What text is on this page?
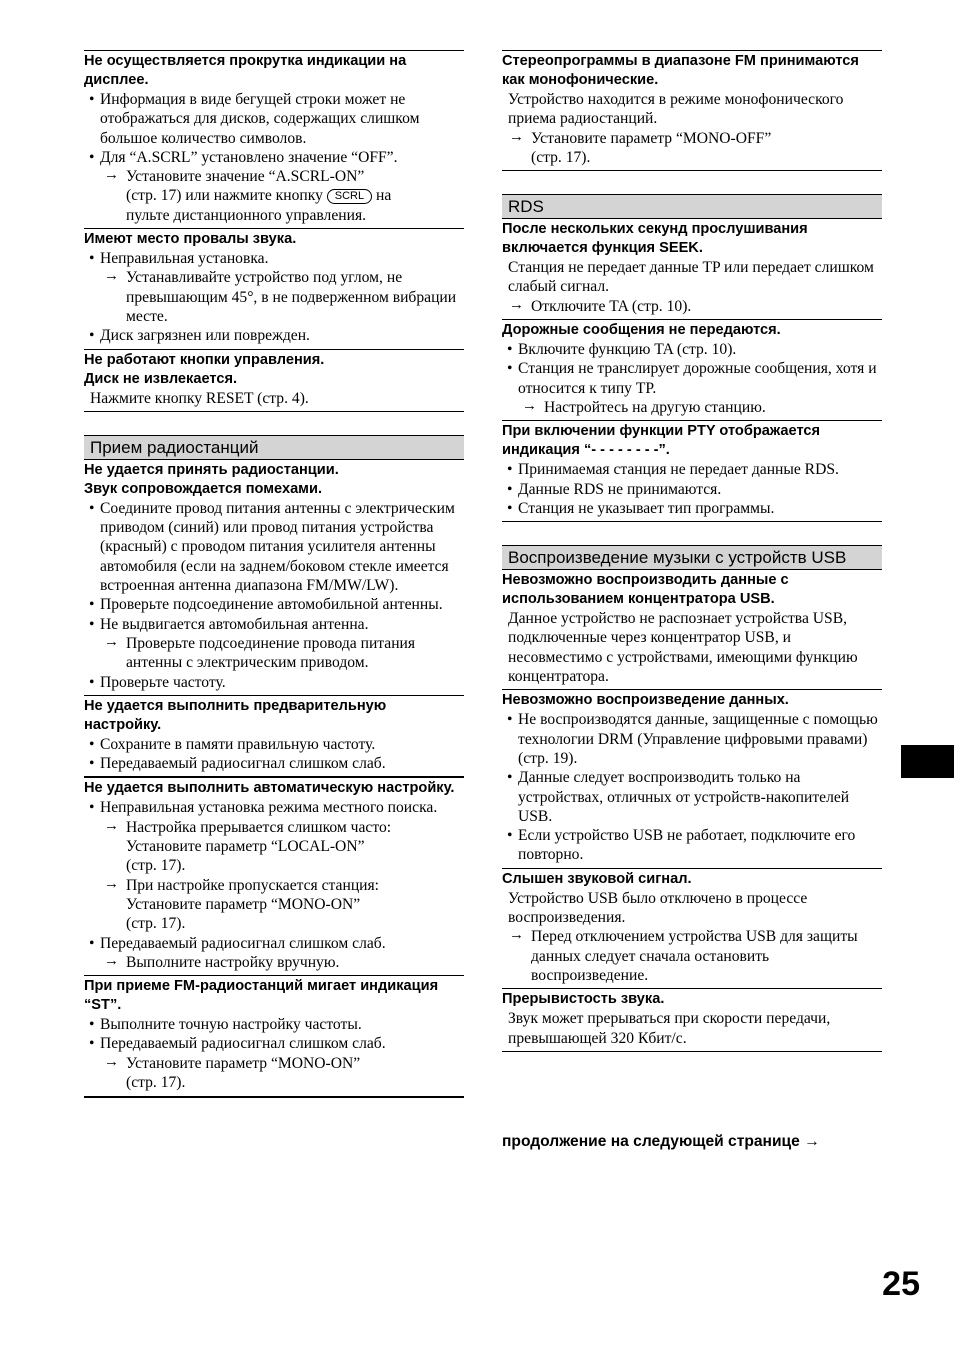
Не осуществляется прокрутка индикации на дисплее.
• Информация в виде бегущей строки может не отображаться для дисков, содержащих слишком большое количество символов.
• Для “A.SCRL” установлено значение “OFF”.
→ Установите значение “A.SCRL-ON”
(стр. 17) или нажмите кнопку SCRL на
пульте дистанционного управления.
Имеют место провалы звука.
• Неправильная установка.
→ Устанавливайте устройство под углом, не превышающим 45°, в не подверженном вибрации месте.
• Диск загрязнен или поврежден.
Не работают кнопки управления.
Диск не извлекается.
Нажмите кнопку RESET (стр. 4).
Прием радиостанций
Не удается принять радиостанции.
Звук сопровождается помехами.
• Соедините провод питания антенны с электрическим приводом (синий) или провод питания устройства (красный) с проводом питания усилителя антенны автомобиля (если на заднем/боковом стекле имеется встроенная антенна диапазона FM/MW/LW).
• Проверьте подсоединение автомобильной антенны.
• Не выдвигается автомобильная антенна.
→ Проверьте подсоединение провода питания антенны с электрическим приводом.
• Проверьте частоту.
Не удается выполнить предварительную настройку.
• Сохраните в памяти правильную частоту.
• Передаваемый радиосигнал слишком слаб.
Не удается выполнить автоматическую настройку.
• Неправильная установка режима местного поиска.
→ Настройка прерывается слишком часто:
Установите параметр “LOCAL-ON”
(стр. 17).
→ При настройке пропускается станция:
Установите параметр “MONO-ON”
(стр. 17).
• Передаваемый радиосигнал слишком слаб.
→ Выполните настройку вручную.
При приеме FM-радиостанций мигает индикация “ST”.
• Выполните точную настройку частоты.
• Передаваемый радиосигнал слишком слаб.
→ Установите параметр “MONO-ON”
(стр. 17).
Стереопрограммы в диапазоне FM принимаются как монофонические.
Устройство находится в режиме монофонического приема радиостанций.
→ Установите параметр “MONO-OFF”
(стр. 17).
RDS
После нескольких секунд прослушивания включается функция SEEK.
Станция не передает данные TP или передает слишком слабый сигнал.
→ Отключите TA (стр. 10).
Дорожные сообщения не передаются.
• Включите функцию TA (стр. 10).
• Станция не транслирует дорожные сообщения, хотя и относится к типу TP.
→ Настройтесь на другую станцию.
При включении функции PTY отображается индикация “- - - - - - - -”.
• Принимаемая станция не передает данные RDS.
• Данные RDS не принимаются.
• Станция не указывает тип программы.
Воспроизведение музыки с устройств USB
Невозможно воспроизводить данные с использованием концентратора USB.
Данное устройство не распознает устройства USB, подключенные через концентратор USB, и несовместимо с устройствами, имеющими функцию концентратора.
Невозможно воспроизведение данных.
• Не воспроизводятся данные, защищенные с помощью технологии DRM (Управление цифровыми правами) (стр. 19).
• Данные следует воспроизводить только на устройствах, отличных от устройств-накопителей USB.
• Если устройство USB не работает, подключите его повторно.
Слышен звуковой сигнал.
Устройство USB было отключено в процессе воспроизведения.
→ Перед отключением устройства USB для защиты данных следует сначала остановить воспроизведение.
Прерывистость звука.
Звук может прерываться при скорости передачи, превышающей 320 Кбит/с.
продолжение на следующей странице →
25
